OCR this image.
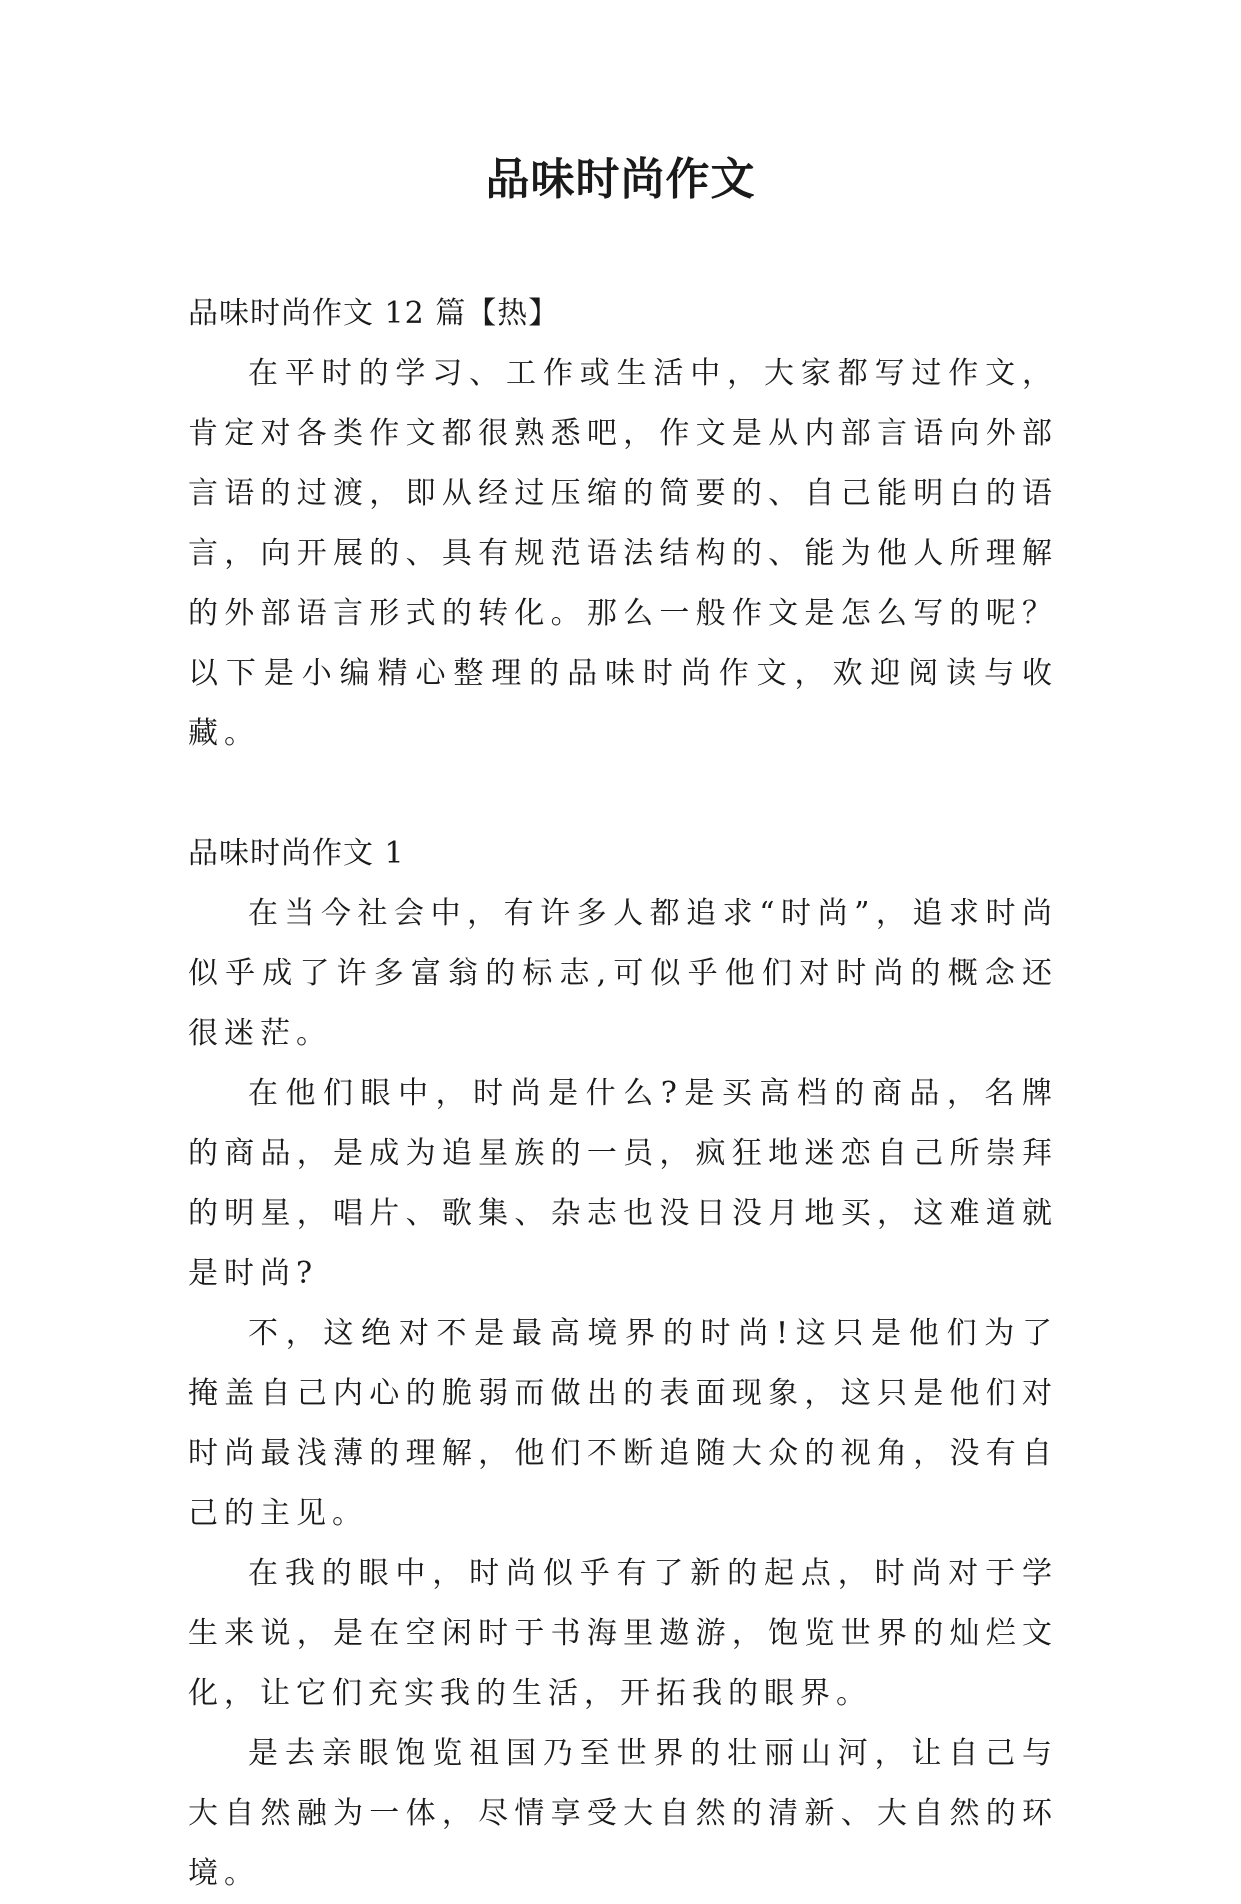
品味时尚作文

品味时尚作文 12 篇【热】

在平时的学习、工作或生活中，大家都写过作文，肯定对各类作文都很熟悉吧，作文是从内部言语向外部言语的过渡，即从经过压缩的简要的、自己能明白的语言，向开展的、具有规范语法结构的、能为他人所理解的外部语言形式的转化。那么一般作文是怎么写的呢？以下是小编精心整理的品味时尚作文，欢迎阅读与收藏。

品味时尚作文 1

在当今社会中，有许多人都追求“时尚”，追求时尚似乎成了许多富翁的标志,可似乎他们对时尚的概念还很迷茫。

在他们眼中，时尚是什么?是买高档的商品，名牌的商品，是成为追星族的一员，疯狂地迷恋自己所崇拜的明星，唱片、歌集、杂志也没日没月地买，这难道就是时尚?

不，这绝对不是最高境界的时尚!这只是他们为了掩盖自己内心的脆弱而做出的表面现象，这只是他们对时尚最浅薄的理解，他们不断追随大众的视角，没有自己的主见。

在我的眼中，时尚似乎有了新的起点，时尚对于学生来说，是在空闲时于书海里遨游，饱览世界的灿烂文化，让它们充实我的生活，开拓我的眼界。

是去亲眼饱览祖国乃至世界的壮丽山河，让自己与大自然融为一体，尽情享受大自然的清新、大自然的环境。
